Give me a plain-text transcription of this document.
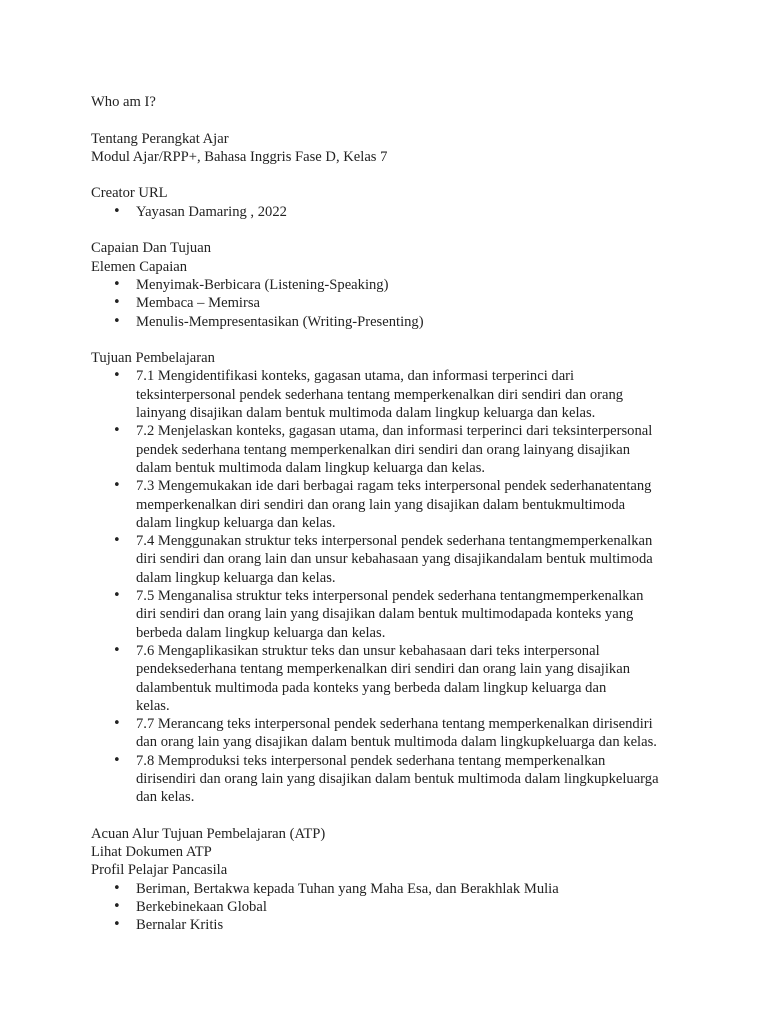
Who am I?
Tentang Perangkat Ajar
Modul Ajar/RPP+, Bahasa Inggris Fase D, Kelas 7
Creator URL
• Yayasan Damaring , 2022
Capaian Dan Tujuan
Elemen Capaian
• Menyimak-Berbicara (Listening-Speaking)
• Membaca – Memirsa
• Menulis-Mempresentasikan (Writing-Presenting)
Tujuan Pembelajaran
• 7.1 Mengidentifikasi konteks, gagasan utama, dan informasi terperinci dari
teksinterpersonal pendek sederhana tentang memperkenalkan diri sendiri dan orang
lainyang disajikan dalam bentuk multimoda dalam lingkup keluarga dan kelas.
• 7.2 Menjelaskan konteks, gagasan utama, dan informasi terperinci dari teksinterpersonal
pendek sederhana tentang memperkenalkan diri sendiri dan orang lainyang disajikan
dalam bentuk multimoda dalam lingkup keluarga dan kelas.
• 7.3 Mengemukakan ide dari berbagai ragam teks interpersonal pendek sederhanatentang
memperkenalkan diri sendiri dan orang lain yang disajikan dalam bentukmultimoda
dalam lingkup keluarga dan kelas.
• 7.4 Menggunakan struktur teks interpersonal pendek sederhana tentangmemperkenalkan
diri sendiri dan orang lain dan unsur kebahasaan yang disajikandalam bentuk multimoda
dalam lingkup keluarga dan kelas.
• 7.5 Menganalisa struktur teks interpersonal pendek sederhana tentangmemperkenalkan
diri sendiri dan orang lain yang disajikan dalam bentuk multimodapada konteks yang
berbeda dalam lingkup keluarga dan kelas.
• 7.6 Mengaplikasikan struktur teks dan unsur kebahasaan dari teks interpersonal
pendeksederhana tentang memperkenalkan diri sendiri dan orang lain yang disajikan
dalambentuk multimoda pada konteks yang berbeda dalam lingkup keluarga dan
kelas.
• 7.7 Merancang teks interpersonal pendek sederhana tentang memperkenalkan dirisendiri
dan orang lain yang disajikan dalam bentuk multimoda dalam lingkupkeluarga dan kelas.
• 7.8 Memproduksi teks interpersonal pendek sederhana tentang memperkenalkan
dirisendiri dan orang lain yang disajikan dalam bentuk multimoda dalam lingkupkeluarga
dan kelas.
Acuan Alur Tujuan Pembelajaran (ATP)
Lihat Dokumen ATP
Profil Pelajar Pancasila
• Beriman, Bertakwa kepada Tuhan yang Maha Esa, dan Berakhlak Mulia
• Berkebinekaan Global
• Bernalar Kritis
